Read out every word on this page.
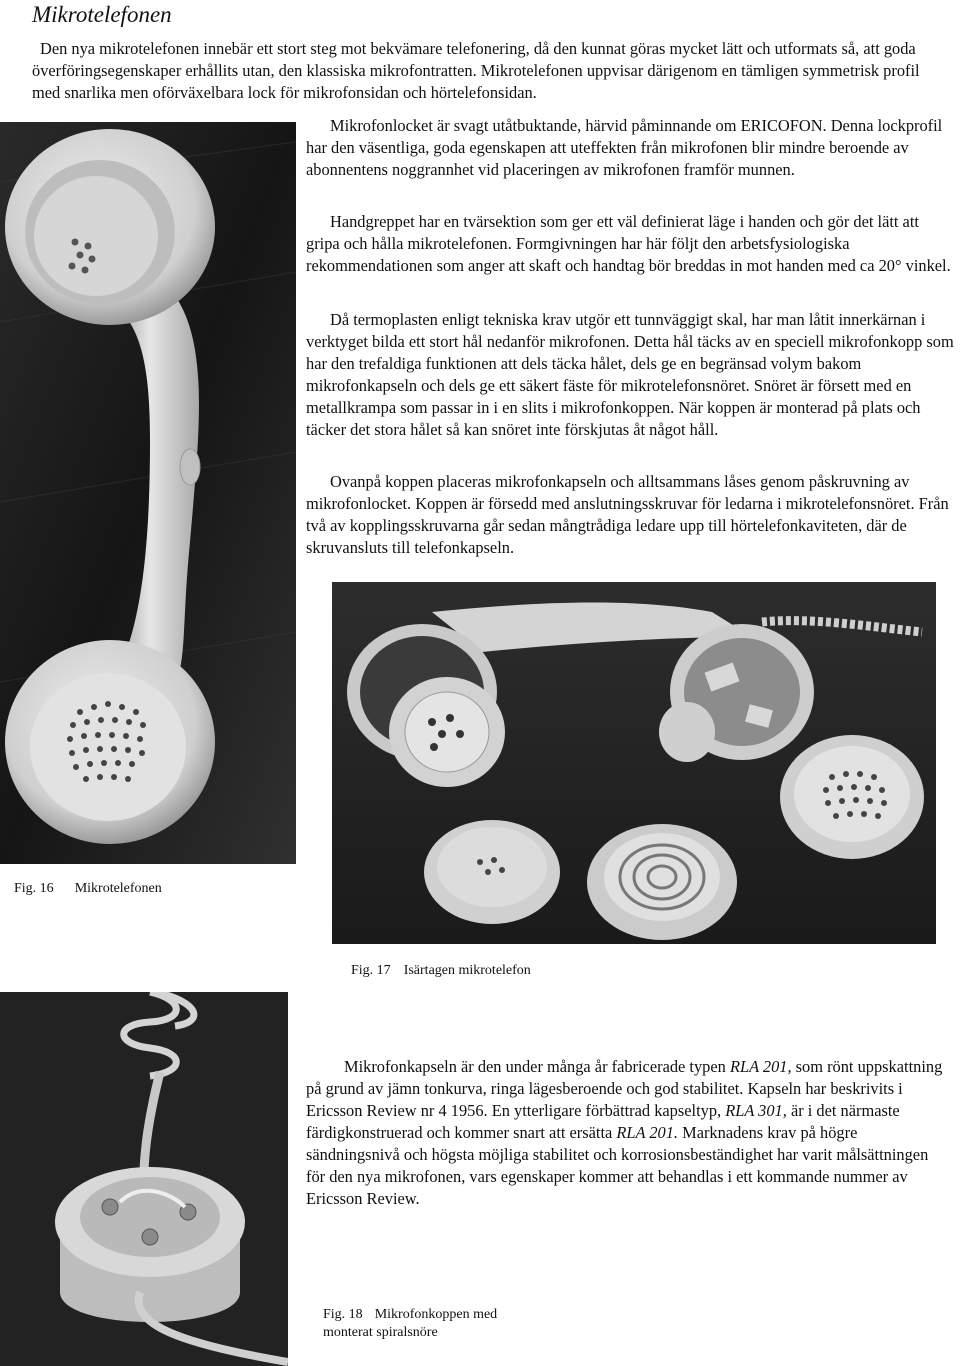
Mikrotelefonen

Den nya mikrotelefonen innebär ett stort steg mot bekvämare telefonering, då den kunnat göras mycket lätt och utformats så, att goda överföringsegenskaper erhållits utan, den klassiska mikrofontratten. Mikrotelefonen uppvisar därigenom en tämligen symmetrisk profil med snarlika men oförväxelbara lock för mikrofonsidan och hörtelefonsidan.

Mikrofonlocket är svagt utåtbuktande, härvid påminnande om ERICOFON. Denna lockprofil har den väsentliga, goda egenskapen att uteffekten från mikrofonen blir mindre beroende av abonnentens noggrannhet vid placeringen av mikrofonen framför munnen.

Handgreppet har en tvärsektion som ger ett väl definierat läge i handen och gör det lätt att gripa och hålla mikrotelefonen. Formgivningen har här följt den arbetsfysiologiska rekommendationen som anger att skaft och handtag bör breddas in mot handen med ca 20° vinkel.

Då termoplasten enligt tekniska krav utgör ett tunnväggigt skal, har man låtit innerkärnan i verktyget bilda ett stort hål nedanför mikrofonen. Detta hål täcks av en speciell mikrofonkopp som har den trefaldiga funktionen att dels täcka hålet, dels ge en begränsad volym bakom mikrofonkapseln och dels ge ett säkert fäste för mikrotelefonsnöret. Snöret är försett med en metallkrampa som passar in i en slits i mikrofonkoppen. När koppen är monterad på plats och täcker det stora hålet så kan snöret inte förskjutas åt något håll.

Ovanpå koppen placeras mikrofonkapseln och alltsammans låses genom påskruvning av mikrofonlocket. Koppen är försedd med anslutningsskruvar för ledarna i mikrotelefonsnöret. Från två av kopplingsskruvarna går sedan mångtrådiga ledare upp till hörtelefonkaviteten, där de skruvansluts till telefonkapseln.

Fig. 16 Mikrotelefonen
Fig. 17 Isärtagen mikrotelefon

Mikrofonkapseln är den under många år fabricerade typen RLA 201, som rönt uppskattning på grund av jämn tonkurva, ringa lägesberoende och god stabilitet. Kapseln har beskrivits i Ericsson Review nr 4 1956. En ytterligare förbättrad kapseltyp, RLA 301, är i det närmaste färdigkonstruerad och kommer snart att ersätta RLA 201. Marknadens krav på högre sändningsnivå och högsta möjliga stabilitet och korrosionsbeständighet har varit målsättningen för den nya mikrofonen, vars egenskaper kommer att behandlas i ett kommande nummer av Ericsson Review.

Fig. 18 Mikrofonkoppen med
monterat spiralsnöre
